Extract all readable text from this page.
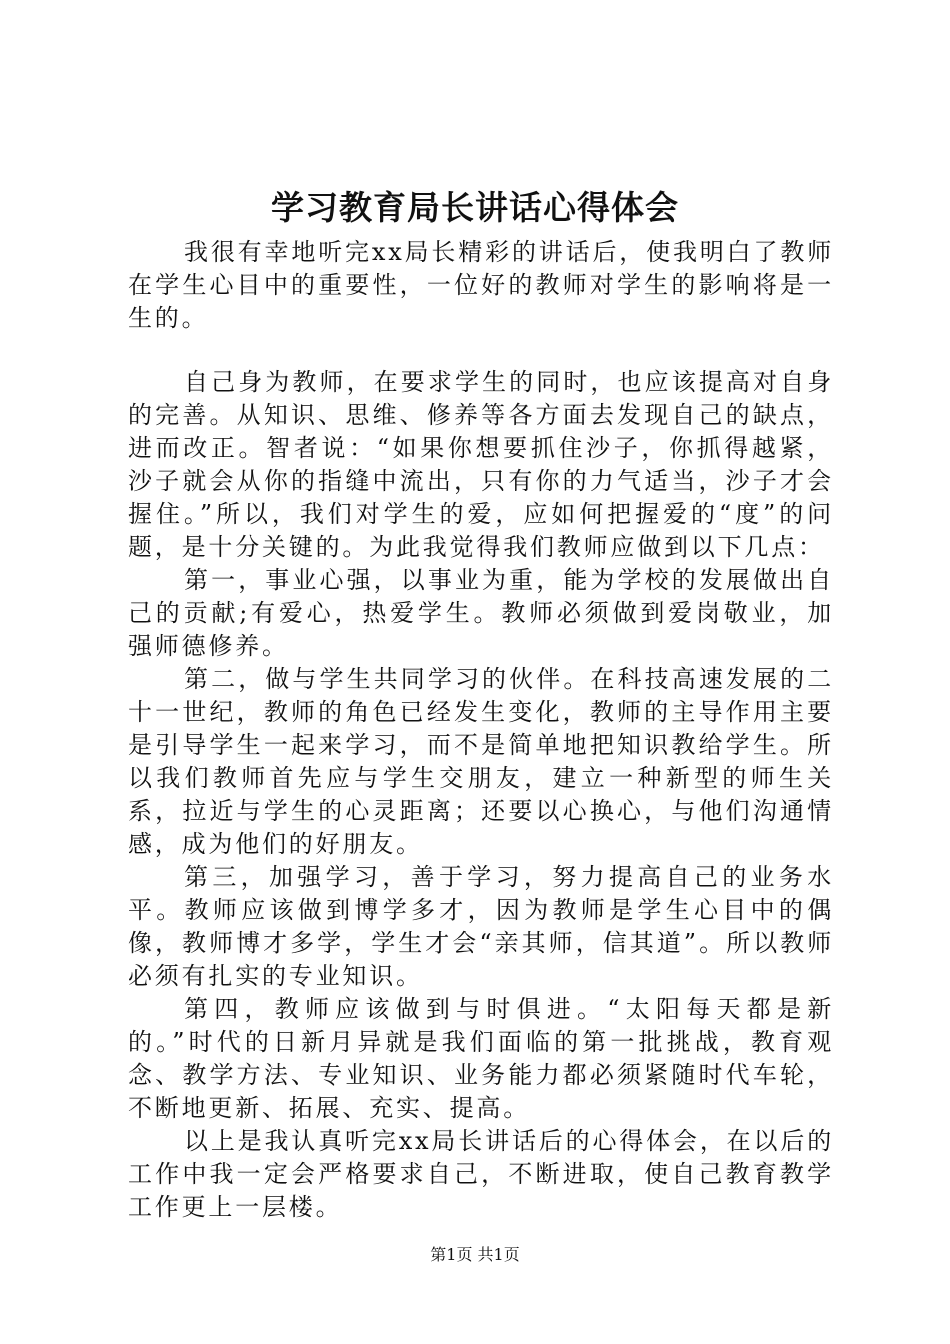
学习教育局长讲话心得体会

我很有幸地听完xx局长精彩的讲话后，使我明白了教师在学生心目中的重要性，一位好的教师对学生的影响将是一生的。

自己身为教师，在要求学生的同时，也应该提高对自身的完善。从知识、思维、修养等各方面去发现自己的缺点，进而改正。智者说：“如果你想要抓住沙子，你抓得越紧，沙子就会从你的指缝中流出，只有你的力气适当，沙子才会握住。”所以，我们对学生的爱，应如何把握爱的“度”的问题，是十分关键的。为此我觉得我们教师应做到以下几点：

第一，事业心强，以事业为重，能为学校的发展做出自己的贡献;有爱心，热爱学生。教师必须做到爱岗敬业，加强师德修养。

第二，做与学生共同学习的伙伴。在科技高速发展的二十一世纪，教师的角色已经发生变化，教师的主导作用主要是引导学生一起来学习，而不是简单地把知识教给学生。所以我们教师首先应与学生交朋友，建立一种新型的师生关系，拉近与学生的心灵距离；还要以心换心，与他们沟通情感，成为他们的好朋友。

第三，加强学习，善于学习，努力提高自己的业务水平。教师应该做到博学多才，因为教师是学生心目中的偶像，教师博才多学，学生才会“亲其师，信其道”。所以教师必须有扎实的专业知识。

第四，教师应该做到与时俱进。“太阳每天都是新的。”时代的日新月异就是我们面临的第一批挑战，教育观念、教学方法、专业知识、业务能力都必须紧随时代车轮，不断地更新、拓展、充实、提高。

以上是我认真听完xx局长讲话后的心得体会，在以后的工作中我一定会严格要求自己，不断进取，使自己教育教学工作更上一层楼。

第1页 共1页
